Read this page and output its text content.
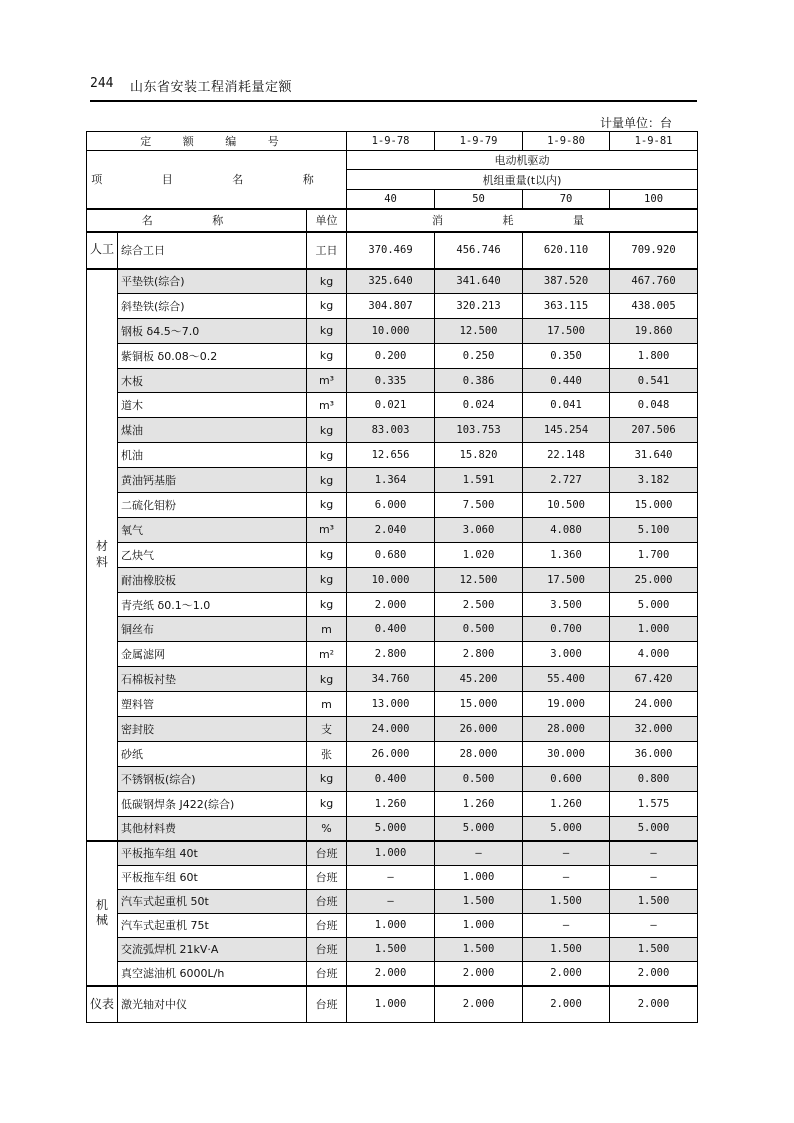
244 山东省安装工程消耗量定额
计量单位：台
定 额 编 号			1-9-78	1-9-79	1-9-80	1-9-81
项 目 名 称			电动机驱动			
			机组重量(t以内)			
			40	50	70	100
名 称		单位	消 耗 量			

人工	综合工日	工日	370.469	456.746	620.110	709.920

材
料	平垫铁(综合)	kg	325.640	341.640	387.520	467.760
	斜垫铁(综合)	kg	304.807	320.213	363.115	438.005
	钢板 δ4.5～7.0	kg	10.000	12.500	17.500	19.860
	紫铜板 δ0.08～0.2	kg	0.200	0.250	0.350	1.800
	木板	m³	0.335	0.386	0.440	0.541
	道木	m³	0.021	0.024	0.041	0.048
	煤油	kg	83.003	103.753	145.254	207.506
	机油	kg	12.656	15.820	22.148	31.640
	黄油钙基脂	kg	1.364	1.591	2.727	3.182
	二硫化钼粉	kg	6.000	7.500	10.500	15.000
	氧气	m³	2.040	3.060	4.080	5.100
	乙炔气	kg	0.680	1.020	1.360	1.700
	耐油橡胶板	kg	10.000	12.500	17.500	25.000
	青壳纸 δ0.1～1.0	kg	2.000	2.500	3.500	5.000
	铜丝布	m	0.400	0.500	0.700	1.000
	金属滤网	m²	2.800	2.800	3.000	4.000
	石棉板衬垫	kg	34.760	45.200	55.400	67.420
	塑料管	m	13.000	15.000	19.000	24.000
	密封胶	支	24.000	26.000	28.000	32.000
	砂纸	张	26.000	28.000	30.000	36.000
	不锈钢板(综合)	kg	0.400	0.500	0.600	0.800
	低碳钢焊条 J422(综合)	kg	1.260	1.260	1.260	1.575
	其他材料费	%	5.000	5.000	5.000	5.000

机
械	平板拖车组 40t	台班	1.000	—	—	—
	平板拖车组 60t	台班	—	1.000	—	—
	汽车式起重机 50t	台班	—	1.500	1.500	1.500
	汽车式起重机 75t	台班	1.000	1.000	—	—
	交流弧焊机 21kV·A	台班	1.500	1.500	1.500	1.500
	真空滤油机 6000L/h	台班	2.000	2.000	2.000	2.000

仪表	激光轴对中仪	台班	1.000	2.000	2.000	2.000
